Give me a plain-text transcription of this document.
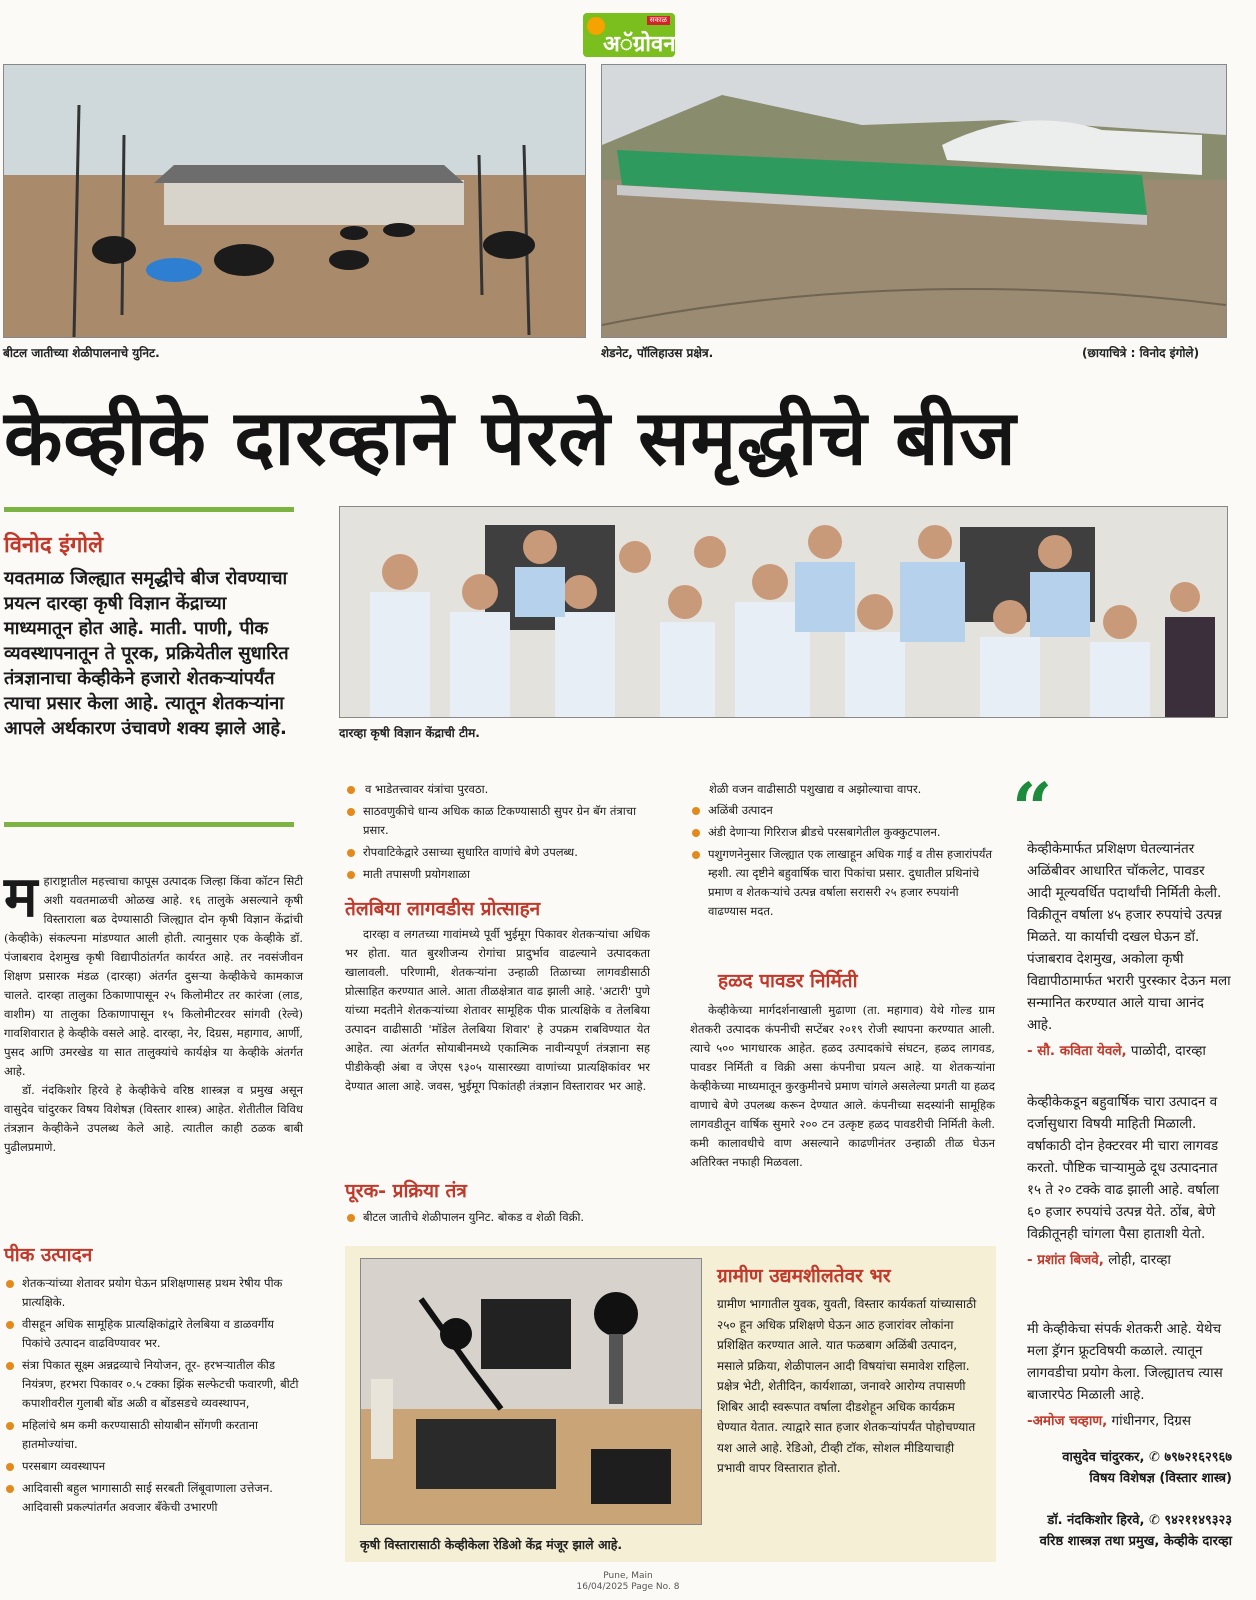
सकाळ
अॅग्रोवन
बीटल जातीच्या शेळीपालनाचे युनिट.	शेडनेट, पॉलिहाउस प्रक्षेत्र.	(छायाचित्रे : विनोद इंगोले)
केव्हीके दारव्हाने पेरले समृद्धीचे बीज
विनोद इंगोले
यवतमाळ जिल्ह्यात समृद्धीचे बीज रोवण्याचा प्रयत्न दारव्हा कृषी विज्ञान केंद्राच्या माध्यमातून होत आहे. माती. पाणी, पीक व्यवस्थापनातून ते पूरक, प्रक्रियेतील सुधारित तंत्रज्ञानाचा केव्हीकेने हजारो शेतकऱ्यांपर्यंत त्याचा प्रसार केला आहे. त्यातून शेतकऱ्यांना आपले अर्थकारण उंचावणे शक्य झाले आहे.	दारव्हा कृषी विज्ञान केंद्राची टीम.
म हाराष्ट्रातील महत्त्वाचा कापूस उत्पादक जिल्हा किंवा कॉटन सिटी अशी यवतमाळची ओळख आहे. १६ तालुके असल्याने कृषी विस्ताराला बळ देण्यासाठी जिल्ह्यात दोन कृषी विज्ञान केंद्रांची (केव्हीके) संकल्पना मांडण्यात आली होती. त्यानुसार एक केव्हीके डॉ. पंजाबराव देशमुख कृषी विद्यापीठांतर्गत कार्यरत आहे. तर नवसंजीवन शिक्षण प्रसारक मंडळ (दारव्हा) अंतर्गत दुसऱ्या केव्हीकेचे कामकाज चालते. दारव्हा तालुका ठिकाणापासून २५ किलोमीटर तर कारंजा (लाड, वाशीम) या तालुका ठिकाणापासून १५ किलोमीटरवर सांगवी (रेल्वे) गावशिवारात हे केव्हीके वसले आहे. दारव्हा, नेर, दिग्रस, महागाव, आर्णी, पुसद आणि उमरखेड या सात तालुक्यांचे कार्यक्षेत्र या केव्हीके अंतर्गत आहे.
डॉ. नंदकिशोर हिरवे हे केव्हीकेचे वरिष्ठ शास्त्रज्ञ व प्रमुख असून वासुदेव चांदुरकर विषय विशेषज्ञ (विस्तार शास्त्र) आहेत. शेतीतील विविध तंत्रज्ञान केव्हीकेने उपलब्ध केले आहे. त्यातील काही ठळक बाबी पुढीलप्रमाणे.
पीक उत्पादन
शेतकऱ्यांच्या शेतावर प्रयोग घेऊन प्रशिक्षणासह प्रथम रेषीय पीक प्रात्यक्षिके.
वीसहून अधिक सामूहिक प्रात्यक्षिकांद्वारे तेलबिया व डाळवर्गीय पिकांचे उत्पादन वाढविण्यावर भर.
संत्रा पिकात सूक्ष्म अन्नद्रव्याचे नियोजन, तूर- हरभऱ्यातील कीड नियंत्रण, हरभरा पिकावर ०.५ टक्का झिंक सल्फेटची फवारणी, बीटी कपाशीवरील गुलाबी बोंड अळी व बोंडसडचे व्यवस्थापन,
महिलांचे श्रम कमी करण्यासाठी सोयाबीन सोंगणी करताना हातमोज्यांचा.
परसबाग व्यवस्थापन
आदिवासी बहुल भागासाठी साई सरबती लिंबूवाणाला उत्तेजन. आदिवासी प्रकल्पांतर्गत अवजार बँकेची उभारणी
व भाडेतत्त्वावर यंत्रांचा पुरवठा.
साठवणुकीचे धान्य अधिक काळ टिकण्यासाठी सुपर ग्रेन बॅग तंत्राचा प्रसार.
रोपवाटिकेद्वारे उसाच्या सुधारित वाणांचे बेणे उपलब्ध.
माती तपासणी प्रयोगशाळा
तेलबिया लागवडीस प्रोत्साहन
दारव्हा व लगतच्या गावांमध्ये पूर्वी भुईमूग पिकावर शेतकऱ्यांचा अधिक भर होता. यात बुरशीजन्य रोगांचा प्रादुर्भाव वाढल्याने उत्पादकता खालावली. परिणामी, शेतकऱ्यांना उन्हाळी तिळाच्या लागवडीसाठी प्रोत्साहित करण्यात आले. आता तीळक्षेत्रात वाढ झाली आहे. 'अटारी' पुणे यांच्या मदतीने शेतकऱ्यांच्या शेतावर सामूहिक पीक प्रात्यक्षिके व तेलबिया उत्पादन वाढीसाठी 'मॉडेल तेलबिया शिवार' हे उपक्रम राबविण्यात येत आहेत. त्या अंतर्गत सोयाबीनमध्ये एकात्मिक नावीन्यपूर्ण तंत्रज्ञाना सह पीडीकेव्ही अंबा व जेएस ९३०५ यासारख्या वाणांच्या प्रात्यक्षिकांवर भर देण्यात आला आहे. जवस, भुईमूग पिकांतही तंत्रज्ञान विस्तारावर भर आहे.
पूरक- प्रक्रिया तंत्र
बीटल जातीचे शेळीपालन युनिट. बोकड व शेळी विक्री.
शेळी वजन वाढीसाठी पशुखाद्य व अझोल्याचा वापर.
अळिंबी उत्पादन
अंडी देणाऱ्या गिरिराज ब्रीडचे परसबागेतील कुक्कुटपालन.
पशुगणनेनुसार जिल्ह्यात एक लाखाहून अधिक गाई व तीस हजारांपर्यंत म्हशी. त्या दृष्टीने बहुवार्षिक चारा पिकांचा प्रसार. दुधातील प्रथिनांचे प्रमाण व शेतकऱ्यांचे उत्पन्न वर्षाला सरासरी २५ हजार रुपयांनी वाढण्यास मदत.
हळद पावडर निर्मिती
केव्हीकेच्या मार्गदर्शनाखाली मुढाणा (ता. महागाव) येथे गोल्ड ग्राम शेतकरी उत्पादक कंपनीची सप्टेंबर २०१९ रोजी स्थापना करण्यात आली. त्याचे ५०० भागधारक आहेत. हळद उत्पादकांचे संघटन, हळद लागवड, पावडर निर्मिती व विक्री असा कंपनीचा प्रयत्न आहे. या शेतकऱ्यांना केव्हीकेच्या माध्यमातून कुरकुमीनचे प्रमाण चांगले असलेल्या प्रगती या हळद वाणाचे बेणे उपलब्ध करून देण्यात आले. कंपनीच्या सदस्यांनी सामूहिक लागवडीतून वार्षिक सुमारे २०० टन उत्कृष्ट हळद पावडरीची निर्मिती केली. कमी कालावधीचे वाण असल्याने काढणीनंतर उन्हाळी तीळ घेऊन अतिरिक्त नफाही मिळवला.
कृषी विस्तारासाठी केव्हीकेला रेडिओ केंद्र मंजूर झाले आहे.
ग्रामीण उद्यमशीलतेवर भर
ग्रामीण भागातील युवक, युवती, विस्तार कार्यकर्ता यांच्यासाठी २५० हून अधिक प्रशिक्षणे घेऊन आठ हजारांवर लोकांना प्रशिक्षित करण्यात आले. यात फळबाग अळिंबी उत्पादन, मसाले प्रक्रिया, शेळीपालन आदी विषयांचा समावेश राहिला. प्रक्षेत्र भेटी, शेतीदिन, कार्यशाळा, जनावरे आरोग्य तपासणी शिबिर आदी स्वरूपात वर्षाला दीडशेहून अधिक कार्यक्रम घेण्यात येतात. त्याद्वारे सात हजार शेतकऱ्यांपर्यंत पोहोचण्यात यश आले आहे. रेडिओ, टीव्ही टॉक, सोशल मीडियाचाही प्रभावी वापर विस्तारात होतो.
“
केव्हीकेमार्फत प्रशिक्षण घेतल्यानंतर अळिंबीवर आधारित चॉकलेट, पावडर आदी मूल्यवर्धित पदार्थांची निर्मिती केली. विक्रीतून वर्षाला ४५ हजार रुपयांचे उत्पन्न मिळते. या कार्याची दखल घेऊन डॉ. पंजाबराव देशमुख, अकोला कृषी विद्यापीठामार्फत भरारी पुरस्कार देऊन मला सन्मानित करण्यात आले याचा आनंद आहे.
- सौ. कविता येवले, पाळोदी, दारव्हा
केव्हीकेकडून बहुवार्षिक चारा उत्पादन व दर्जासुधारा विषयी माहिती मिळाली. वर्षाकाठी दोन हेक्टरवर मी चारा लागवड करतो. पौष्टिक चाऱ्यामुळे दूध उत्पादनात १५ ते २० टक्के वाढ झाली आहे. वर्षाला ६० हजार रुपयांचे उत्पन्न येते. ठोंब, बेणे विक्रीतूनही चांगला पैसा हाताशी येतो.
- प्रशांत बिजवे, लोही, दारव्हा
मी केव्हीकेचा संपर्क शेतकरी आहे. येथेच मला ड्रॅगन फ्रूटविषयी कळाले. त्यातून लागवडीचा प्रयोग केला. जिल्ह्यातच त्यास बाजारपेठ मिळाली आहे.
-अमोज चव्हाण, गांधीनगर, दिग्रस
वासुदेव चांदुरकर, ✆ ७९७२१६२९६७
विषय विशेषज्ञ (विस्तार शास्त्र)
डॉ. नंदकिशोर हिरवे, ✆ ९४२११४९३२३
वरिष्ठ शास्त्रज्ञ तथा प्रमुख, केव्हीके दारव्हा
Pune, Main
16/04/2025 Page No. 8
